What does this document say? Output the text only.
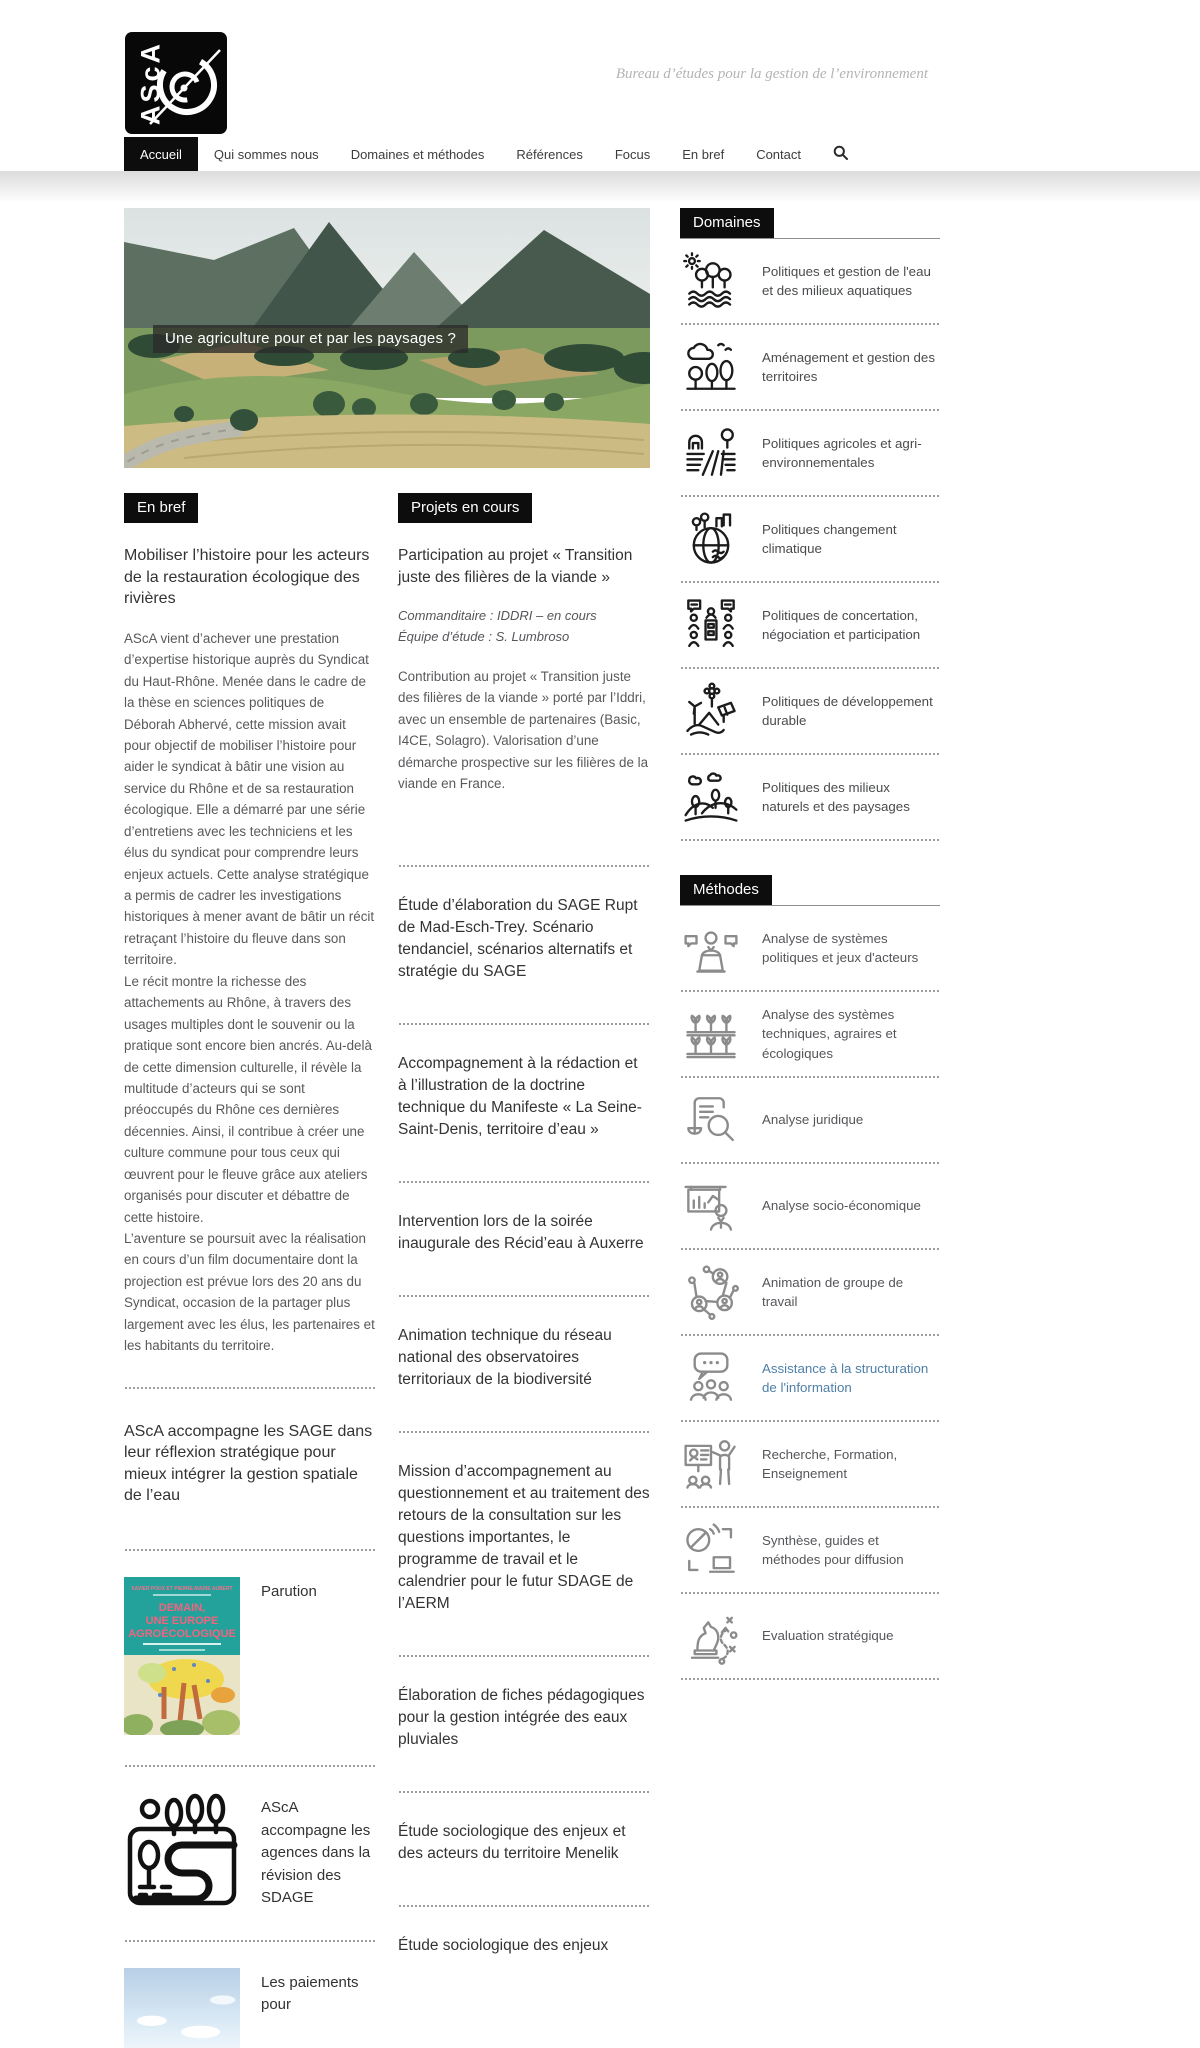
AScA	Bureau d’études pour la gestion de l’environnement
Accueil	Qui sommes nous	Domaines et méthodes	Références	Focus	En bref	Contact
Une agriculture pour et par les paysages ?
En bref
Mobiliser l’histoire pour les acteurs de la restauration écologique des rivières

AScA vient d’achever une prestation d’expertise historique auprès du Syndicat du Haut-Rhône. Menée dans le cadre de la thèse en sciences politiques de Déborah Abhervé, cette mission avait pour objectif de mobiliser l’histoire pour aider le syndicat à bâtir une vision au service du Rhône et de sa restauration écologique. Elle a démarré par une série d’entretiens avec les techniciens et les élus du syndicat pour comprendre leurs enjeux actuels. Cette analyse stratégique a permis de cadrer les investigations historiques à mener avant de bâtir un récit retraçant l’histoire du fleuve dans son territoire.

Le récit montre la richesse des attachements au Rhône, à travers des usages multiples dont le souvenir ou la pratique sont encore bien ancrés. Au-delà de cette dimension culturelle, il révèle la multitude d’acteurs qui se sont préoccupés du Rhône ces dernières décennies. Ainsi, il contribue à créer une culture commune pour tous ceux qui œuvrent pour le fleuve grâce aux ateliers organisés pour discuter et débattre de cette histoire.

L’aventure se poursuit avec la réalisation en cours d’un film documentaire dont la projection est prévue lors des 20 ans du Syndicat, occasion de la partager plus largement avec les élus, les partenaires et les habitants du territoire.

AScA accompagne les SAGE dans leur réflexion stratégique pour mieux intégrer la gestion spatiale de l’eau
XAVIER POUX ET PIERRE-MARIE AUBERT
DEMAIN,
UNE EUROPE
AGROÉCOLOGIQUE
Parution
AScA accompagne les agences dans la révision des SDAGE
Les paiements pour
Projets en cours
Participation au projet « Transition juste des filières de la viande »
Commanditaire : IDDRI – en cours
Équipe d’étude : S. Lumbroso
Contribution au projet « Transition juste des filières de la viande » porté par l’Iddri, avec un ensemble de partenaires (Basic, I4CE, Solagro). Valorisation d’une démarche prospective sur les filières de la viande en France.
Étude d’élaboration du SAGE Rupt de Mad-Esch-Trey. Scénario tendanciel, scénarios alternatifs et stratégie du SAGE
Accompagnement à la rédaction et à l’illustration de la doctrine technique du Manifeste « La Seine-Saint-Denis, territoire d’eau »
Intervention lors de la soirée inaugurale des Récid’eau à Auxerre
Animation technique du réseau national des observatoires territoriaux de la biodiversité
Mission d’accompagnement au questionnement et au traitement des retours de la consultation sur les questions importantes, le programme de travail et le calendrier pour le futur SDAGE de l’AERM
Élaboration de fiches pédagogiques pour la gestion intégrée des eaux pluviales
Étude sociologique des enjeux et des acteurs du territoire Menelik
Étude sociologique des enjeux
Domaines
Politiques et gestion de l'eau et des milieux aquatiques
Aménagement et gestion des territoires
Politiques agricoles et agri-environnementales
Politiques changement climatique
Politiques de concertation, négociation et participation
Politiques de développement durable
Politiques des milieux naturels et des paysages
Méthodes
Analyse de systèmes politiques et jeux d'acteurs
Analyse des systèmes techniques, agraires et écologiques
Analyse juridique
Analyse socio-économique
Animation de groupe de travail
Assistance à la structuration de l'information
Recherche, Formation, Enseignement
Synthèse, guides et méthodes pour diffusion
Evaluation stratégique
